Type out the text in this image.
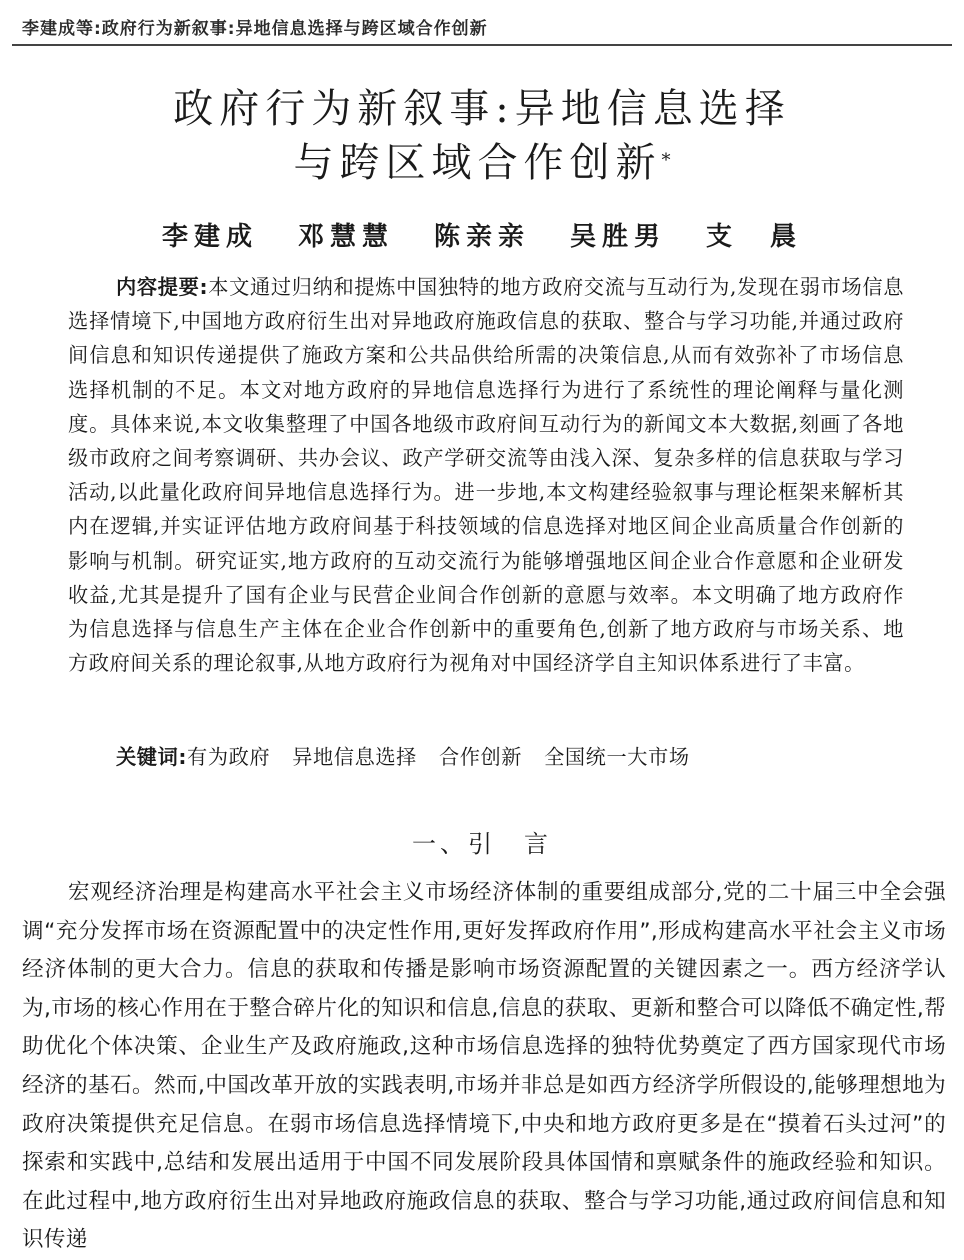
李建成等:政府行为新叙事:异地信息选择与跨区域合作创新
政府行为新叙事:异地信息选择
与跨区域合作创新*
李建成 邓慧慧 陈亲亲 吴胜男 支　晨
内容提要:本文通过归纳和提炼中国独特的地方政府交流与互动行为,发现在弱市场信息选择情境下,中国地方政府衍生出对异地政府施政信息的获取、整合与学习功能,并通过政府间信息和知识传递提供了施政方案和公共品供给所需的决策信息,从而有效弥补了市场信息选择机制的不足。本文对地方政府的异地信息选择行为进行了系统性的理论阐释与量化测度。具体来说,本文收集整理了中国各地级市政府间互动行为的新闻文本大数据,刻画了各地级市政府之间考察调研、共办会议、政产学研交流等由浅入深、复杂多样的信息获取与学习活动,以此量化政府间异地信息选择行为。进一步地,本文构建经验叙事与理论框架来解析其内在逻辑,并实证评估地方政府间基于科技领域的信息选择对地区间企业高质量合作创新的影响与机制。研究证实,地方政府的互动交流行为能够增强地区间企业合作意愿和企业研发收益,尤其是提升了国有企业与民营企业间合作创新的意愿与效率。本文明确了地方政府作为信息选择与信息生产主体在企业合作创新中的重要角色,创新了地方政府与市场关系、地方政府间关系的理论叙事,从地方政府行为视角对中国经济学自主知识体系进行了丰富。
关键词:有为政府 异地信息选择 合作创新 全国统一大市场
一、引　言
宏观经济治理是构建高水平社会主义市场经济体制的重要组成部分,党的二十届三中全会强调“充分发挥市场在资源配置中的决定性作用,更好发挥政府作用”,形成构建高水平社会主义市场经济体制的更大合力。信息的获取和传播是影响市场资源配置的关键因素之一。西方经济学认为,市场的核心作用在于整合碎片化的知识和信息,信息的获取、更新和整合可以降低不确定性,帮助优化个体决策、企业生产及政府施政,这种市场信息选择的独特优势奠定了西方国家现代市场经济的基石。然而,中国改革开放的实践表明,市场并非总是如西方经济学所假设的,能够理想地为政府决策提供充足信息。在弱市场信息选择情境下,中央和地方政府更多是在“摸着石头过河”的探索和实践中,总结和发展出适用于中国不同发展阶段具体国情和禀赋条件的施政经验和知识。在此过程中,地方政府衍生出对异地政府施政信息的获取、整合与学习功能,通过政府间信息和知识传递
